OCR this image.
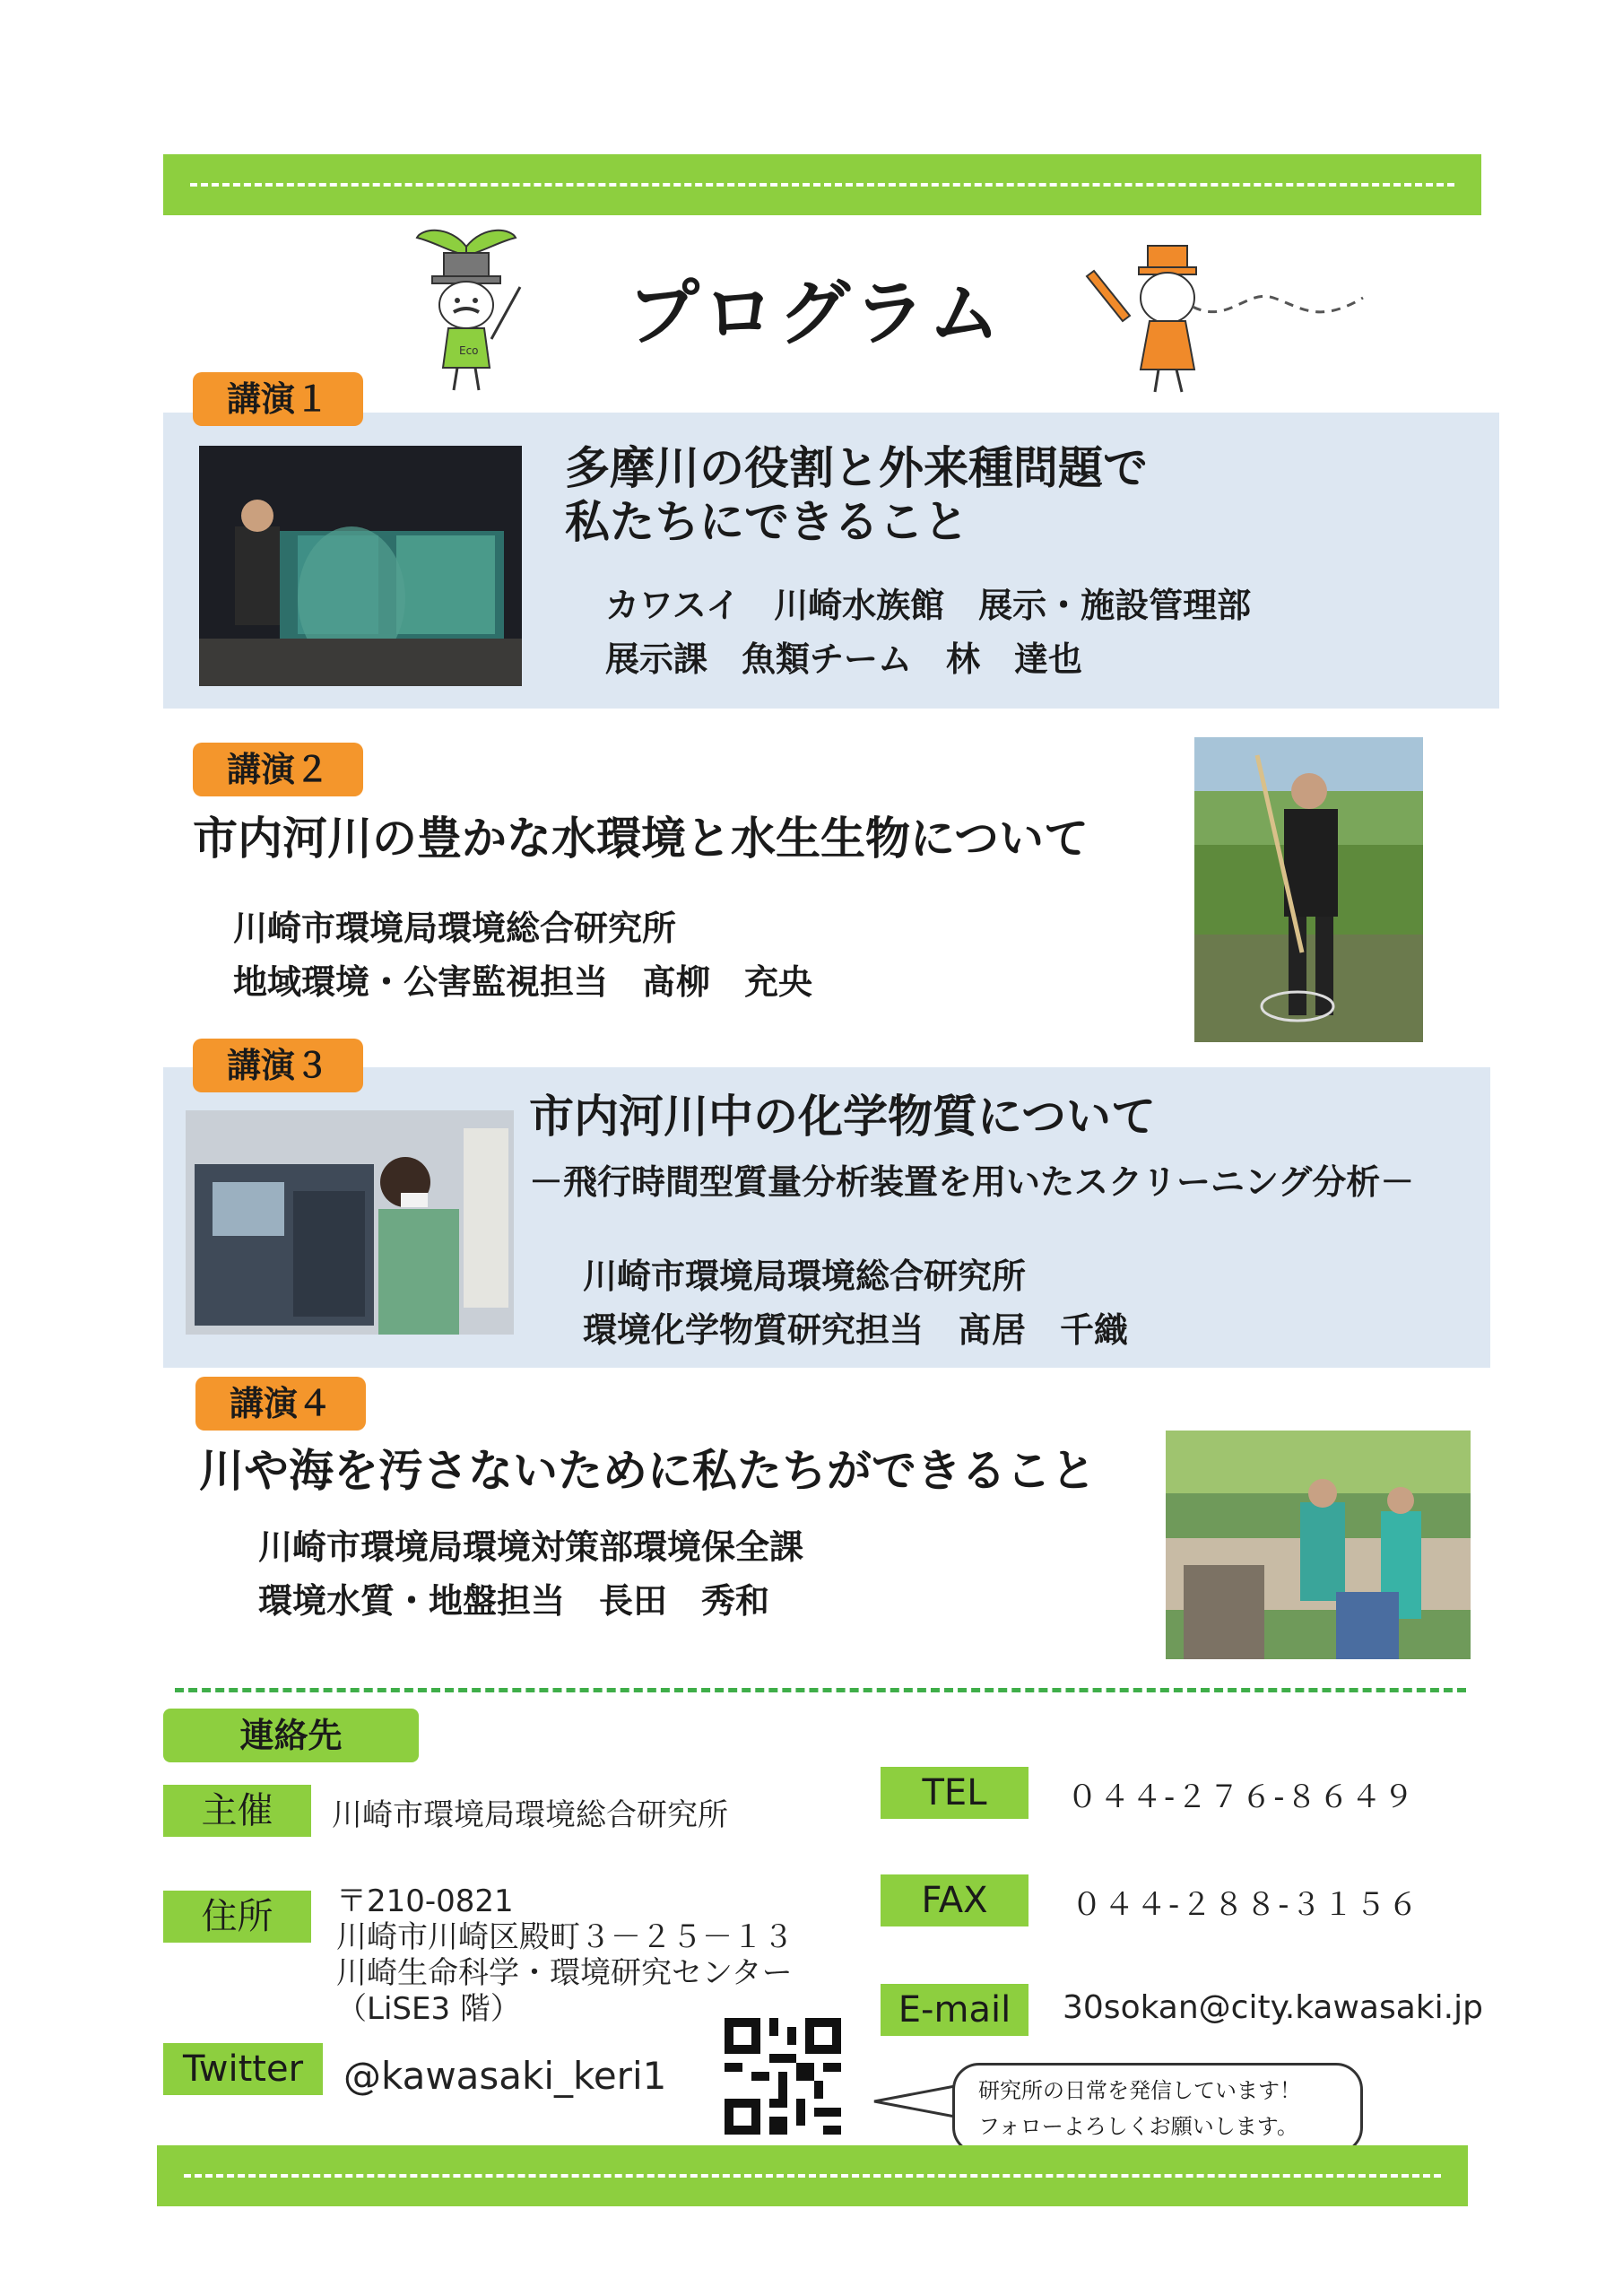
Eco プログラム
講演１
多摩川の役割と外来種問題で
私たちにできること
カワスイ　川崎水族館　展示・施設管理部
展示課　魚類チーム　林　達也
講演２
市内河川の豊かな水環境と水生生物について
川崎市環境局環境総合研究所
地域環境・公害監視担当　髙柳　充央
講演３
市内河川中の化学物質について
－飛行時間型質量分析装置を用いたスクリーニング分析－
川崎市環境局環境総合研究所
環境化学物質研究担当　髙居　千織
講演４
川や海を汚さないために私たちができること
川崎市環境局環境対策部環境保全課
環境水質・地盤担当　長田　秀和
連絡先
主催	川崎市環境局環境総合研究所
住所	〒210-0821
川崎市川崎区殿町３－２５－１３
川崎生命科学・環境研究センター
（LiSE3 階）
Twitter	@kawasaki_keri1
TEL	０４４-２７６-８６４９
FAX	０４４-２８８-３１５６
E-mail	30sokan@city.kawasaki.jp
研究所の日常を発信しています！
フォローよろしくお願いします。
